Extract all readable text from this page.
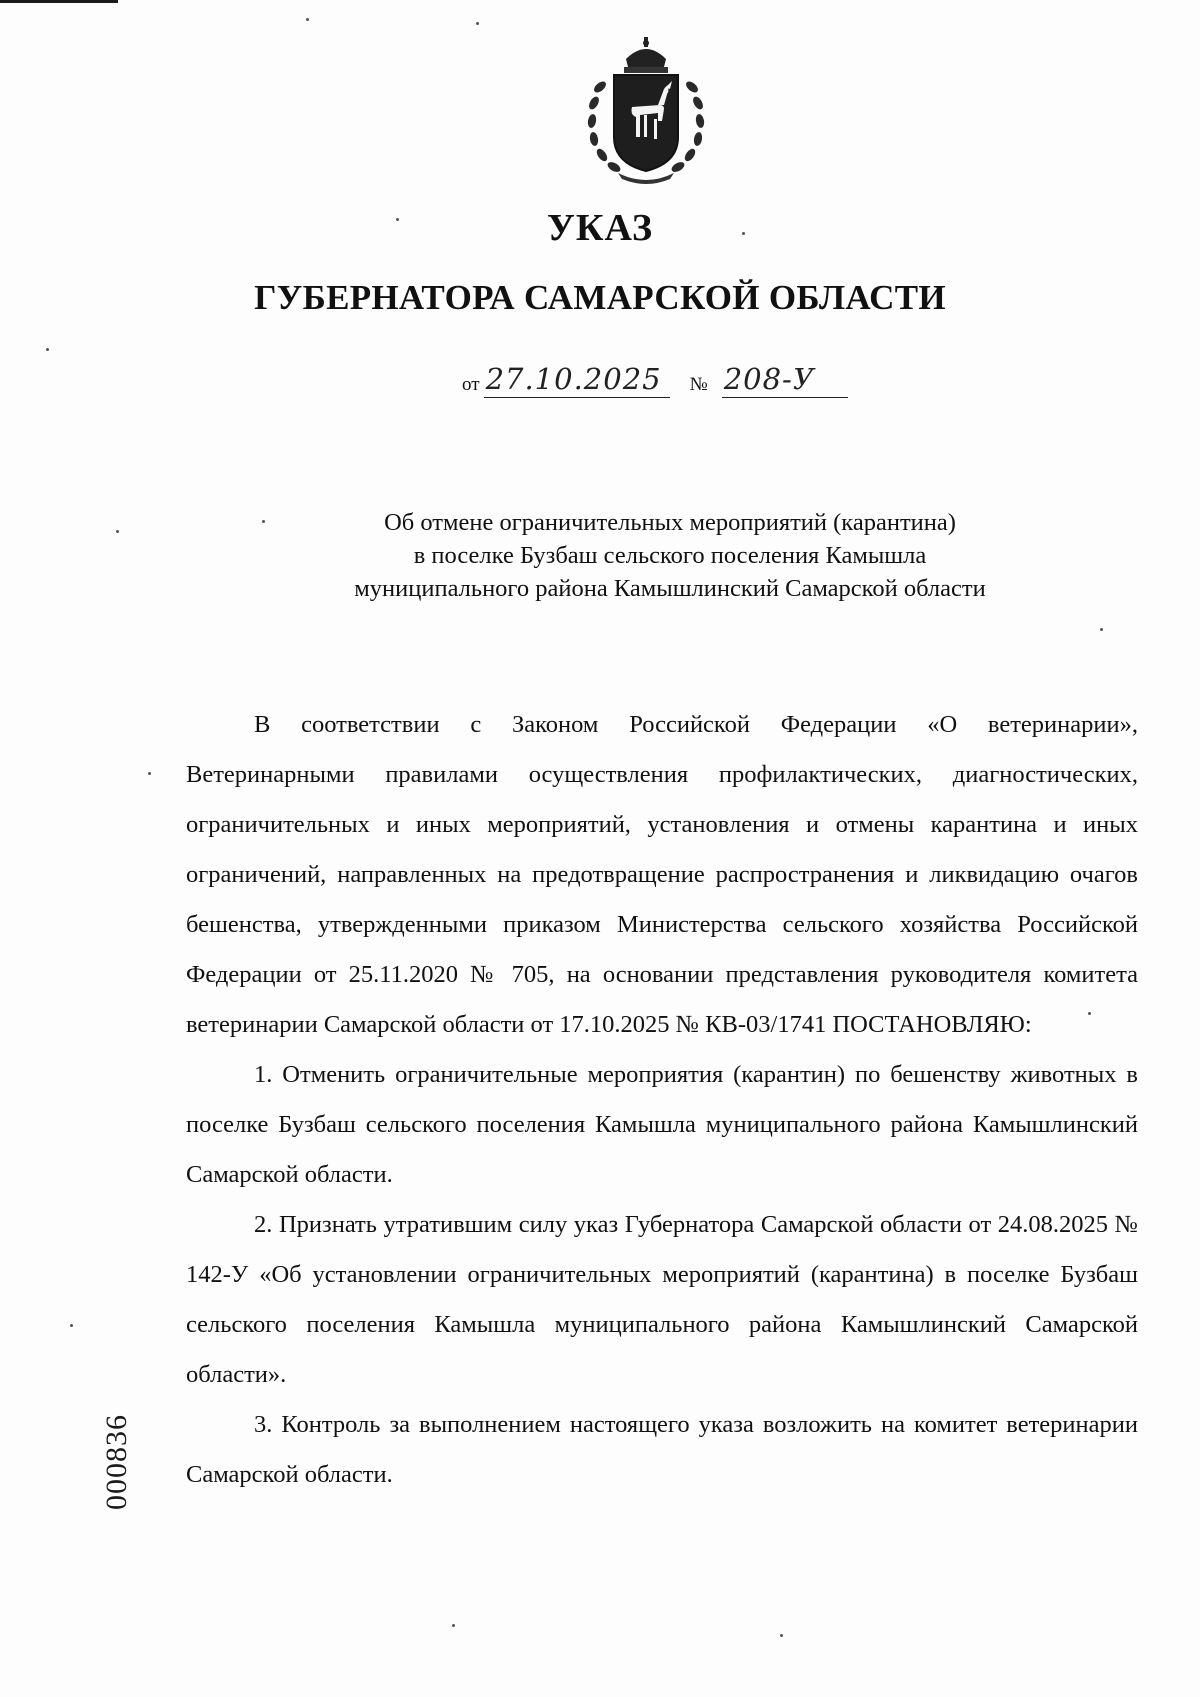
УКАЗ
ГУБЕРНАТОРА САМАРСКОЙ ОБЛАСТИ
от 27.10.2025	№ 208-У
Об отмене ограничительных мероприятий (карантина)
в поселке Бузбаш сельского поселения Камышла
муниципального района Камышлинский Самарской области

В соответствии с Законом Российской Федерации «О ветеринарии», Ветеринарными правилами осуществления профилактических, диагностических, ограничительных и иных мероприятий, установления и отмены карантина и иных ограничений, направленных на предотвращение распространения и ликвидацию очагов бешенства, утвержденными приказом Министерства сельского хозяйства Российской Федерации от 25.11.2020 № 705, на основании представления руководителя комитета ветеринарии Самарской области от 17.10.2025 № КВ-03/1741 ПОСТАНОВЛЯЮ:

1. Отменить ограничительные мероприятия (карантин) по бешенству животных в поселке Бузбаш сельского поселения Камышла муниципального района Камышлинский Самарской области.

2. Признать утратившим силу указ Губернатора Самарской области от 24.08.2025 № 142-У «Об установлении ограничительных мероприятий (карантина) в поселке Бузбаш сельского поселения Камышла муниципального района Камышлинский Самарской области».

3. Контроль за выполнением настоящего указа возложить на комитет ветеринарии Самарской области.

000836
